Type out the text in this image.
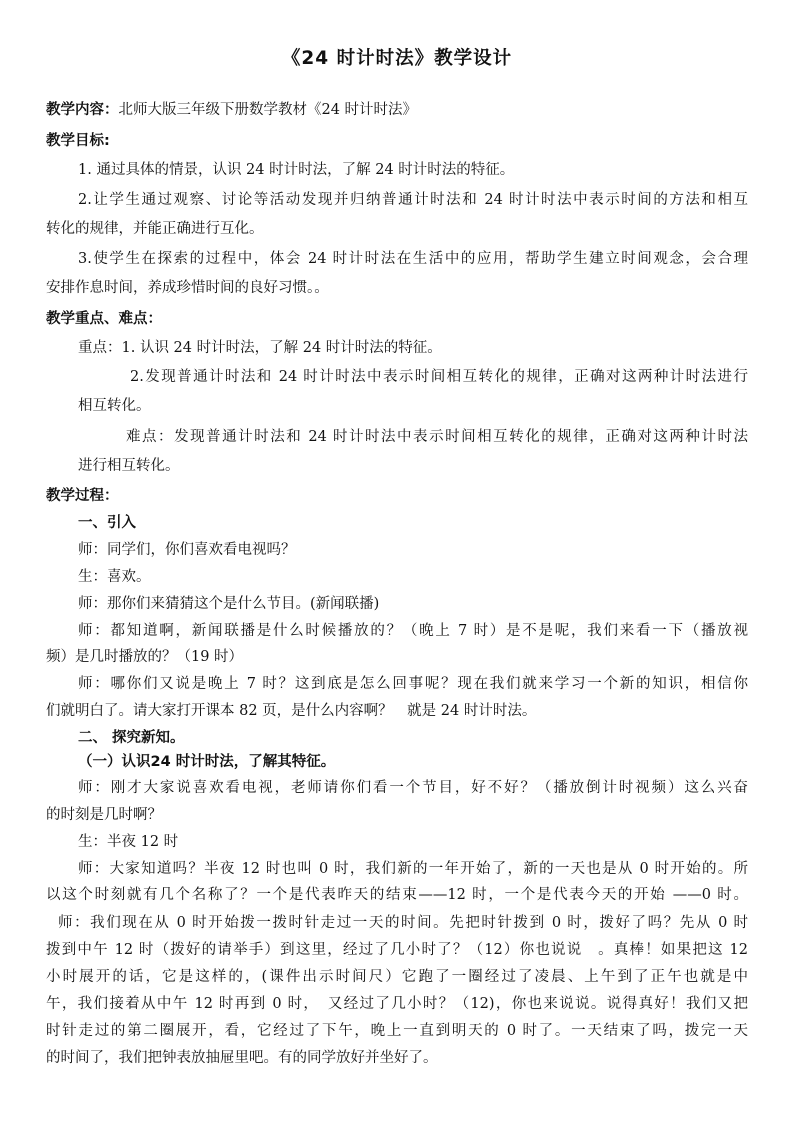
《24 时计时法》教学设计
教学内容：北师大版三年级下册数学教材《24 时计时法》
教学目标:
1. 通过具体的情景，认识 24 时计时法，了解 24 时计时法的特征。
2.让学生通过观察、讨论等活动发现并归纳普通计时法和 24 时计时法中表示时间的方法和相互
转化的规律，并能正确进行互化。
3.使学生在探索的过程中，体会 24 时计时法在生活中的应用，帮助学生建立时间观念，会合理
安排作息时间，养成珍惜时间的良好习惯。。
教学重点、难点：
重点：1. 认识 24 时计时法，了解 24 时计时法的特征。
2.发现普通计时法和 24 时计时法中表示时间相互转化的规律，正确对这两种计时法进行
相互转化。
难点：发现普通计时法和 24 时计时法中表示时间相互转化的规律，正确对这两种计时法
进行相互转化。
教学过程：
一、引入
师：同学们，你们喜欢看电视吗？
生：喜欢。
师：那你们来猜猜这个是什么节目。(新闻联播)
师：都知道啊，新闻联播是什么时候播放的？（晚上 7 时）是不是呢，我们来看一下（播放视
频）是几时播放的？（19 时）
师：哪你们又说是晚上 7 时？这到底是怎么回事呢？现在我们就来学习一个新的知识，相信你
们就明白了。请大家打开课本 82 页，是什么内容啊？　就是 24 时计时法。
二、 探究新知。
（一）认识24 时计时法，了解其特征。
师：刚才大家说喜欢看电视，老师请你们看一个节目，好不好？（播放倒计时视频）这么兴奋
的时刻是几时啊？
生：半夜 12 时
师：大家知道吗？半夜 12 时也叫 0 时，我们新的一年开始了，新的一天也是从 0 时开始的。所
以这个时刻就有几个名称了？一个是代表昨天的结束——12 时，一个是代表今天的开始 ——0 时。
师：我们现在从 0 时开始拨一拨时针走过一天的时间。先把时针拨到 0 时，拨好了吗？先从 0 时
拨到中午 12 时（拨好的请举手）到这里，经过了几小时了？（12）你也说说　。真棒！如果把这 12
小时展开的话，它是这样的，(课件出示时间尺）它跑了一圈经过了凌晨、上午到了正午也就是中
午，我们接着从中午 12 时再到 0 时，　又经过了几小时？（12)，你也来说说。说得真好！我们又把
时针走过的第二圈展开，看，它经过了下午，晚上一直到明天的 0 时了。一天结束了吗，拨完一天
的时间了，我们把钟表放抽屉里吧。有的同学放好并坐好了。
